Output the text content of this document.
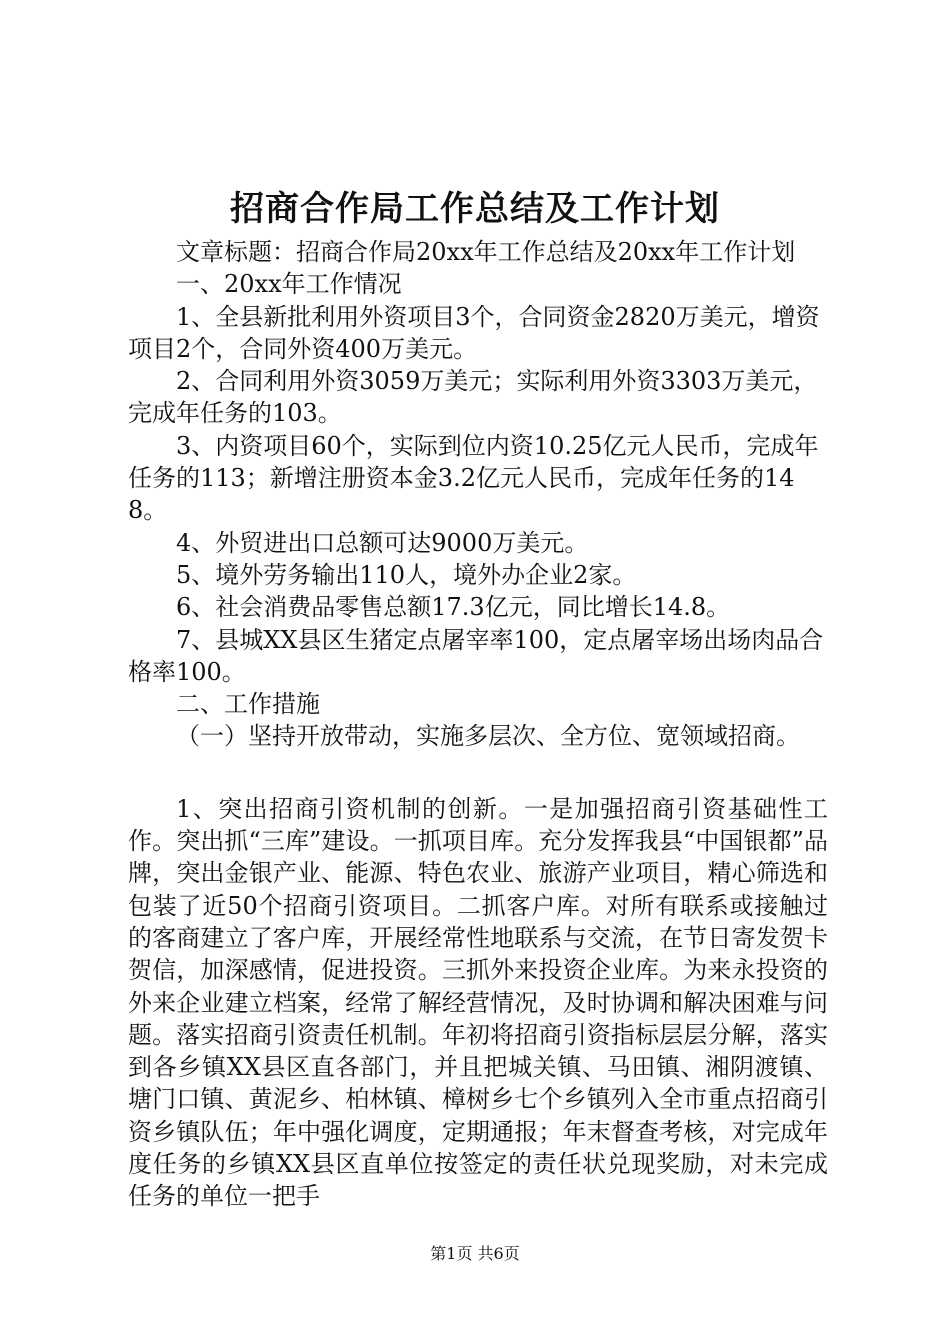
招商合作局工作总结及工作计划

文章标题：招商合作局20xx年工作总结及20xx年工作计划

一、20xx年工作情况

1、全县新批利用外资项目3个，合同资金2820万美元，增资项目2个，合同外资400万美元。

2、合同利用外资3059万美元；实际利用外资3303万美元，完成年任务的103。

3、内资项目60个，实际到位内资10.25亿元人民币，完成年任务的113；新增注册资本金3.2亿元人民币，完成年任务的148。

4、外贸进出口总额可达9000万美元。

5、境外劳务输出110人，境外办企业2家。

6、社会消费品零售总额17.3亿元，同比增长14.8。

7、县城XX县区生猪定点屠宰率100，定点屠宰场出场肉品合格率100。

二、工作措施

（一）坚持开放带动，实施多层次、全方位、宽领域招商。

1、突出招商引资机制的创新。一是加强招商引资基础性工作。突出抓“三库”建设。一抓项目库。充分发挥我县“中国银都”品牌，突出金银产业、能源、特色农业、旅游产业项目，精心筛选和包装了近50个招商引资项目。二抓客户库。对所有联系或接触过的客商建立了客户库，开展经常性地联系与交流，在节日寄发贺卡贺信，加深感情，促进投资。三抓外来投资企业库。为来永投资的外来企业建立档案，经常了解经营情况，及时协调和解决困难与问题。落实招商引资责任机制。年初将招商引资指标层层分解，落实到各乡镇XX县区直各部门，并且把城关镇、马田镇、湘阴渡镇、塘门口镇、黄泥乡、柏林镇、樟树乡七个乡镇列入全市重点招商引资乡镇队伍；年中强化调度，定期通报；年末督查考核，对完成年度任务的乡镇XX县区直单位按签定的责任状兑现奖励，对未完成任务的单位一把手

第1页 共6页
